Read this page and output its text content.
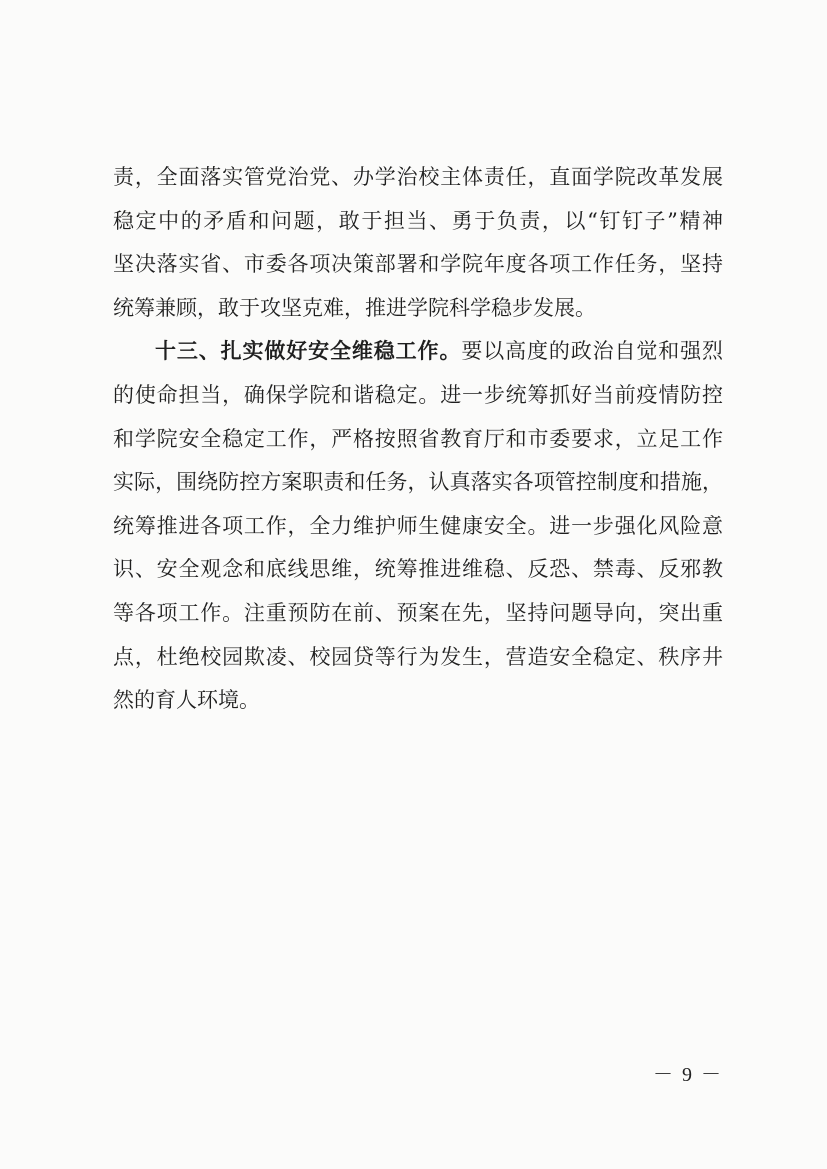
责，全面落实管党治党、办学治校主体责任，直面学院改革发展
稳定中的矛盾和问题，敢于担当、勇于负责，以“钉钉子”精神
坚决落实省、市委各项决策部署和学院年度各项工作任务，坚持
统筹兼顾，敢于攻坚克难，推进学院科学稳步发展。
十三、扎实做好安全维稳工作。要以高度的政治自觉和强烈
的使命担当，确保学院和谐稳定。进一步统筹抓好当前疫情防控
和学院安全稳定工作，严格按照省教育厅和市委要求，立足工作
实际，围绕防控方案职责和任务，认真落实各项管控制度和措施，
统筹推进各项工作，全力维护师生健康安全。进一步强化风险意
识、安全观念和底线思维，统筹推进维稳、反恐、禁毒、反邪教
等各项工作。注重预防在前、预案在先，坚持问题导向，突出重
点，杜绝校园欺凌、校园贷等行为发生，营造安全稳定、秩序井
然的育人环境。
－ 9 －
